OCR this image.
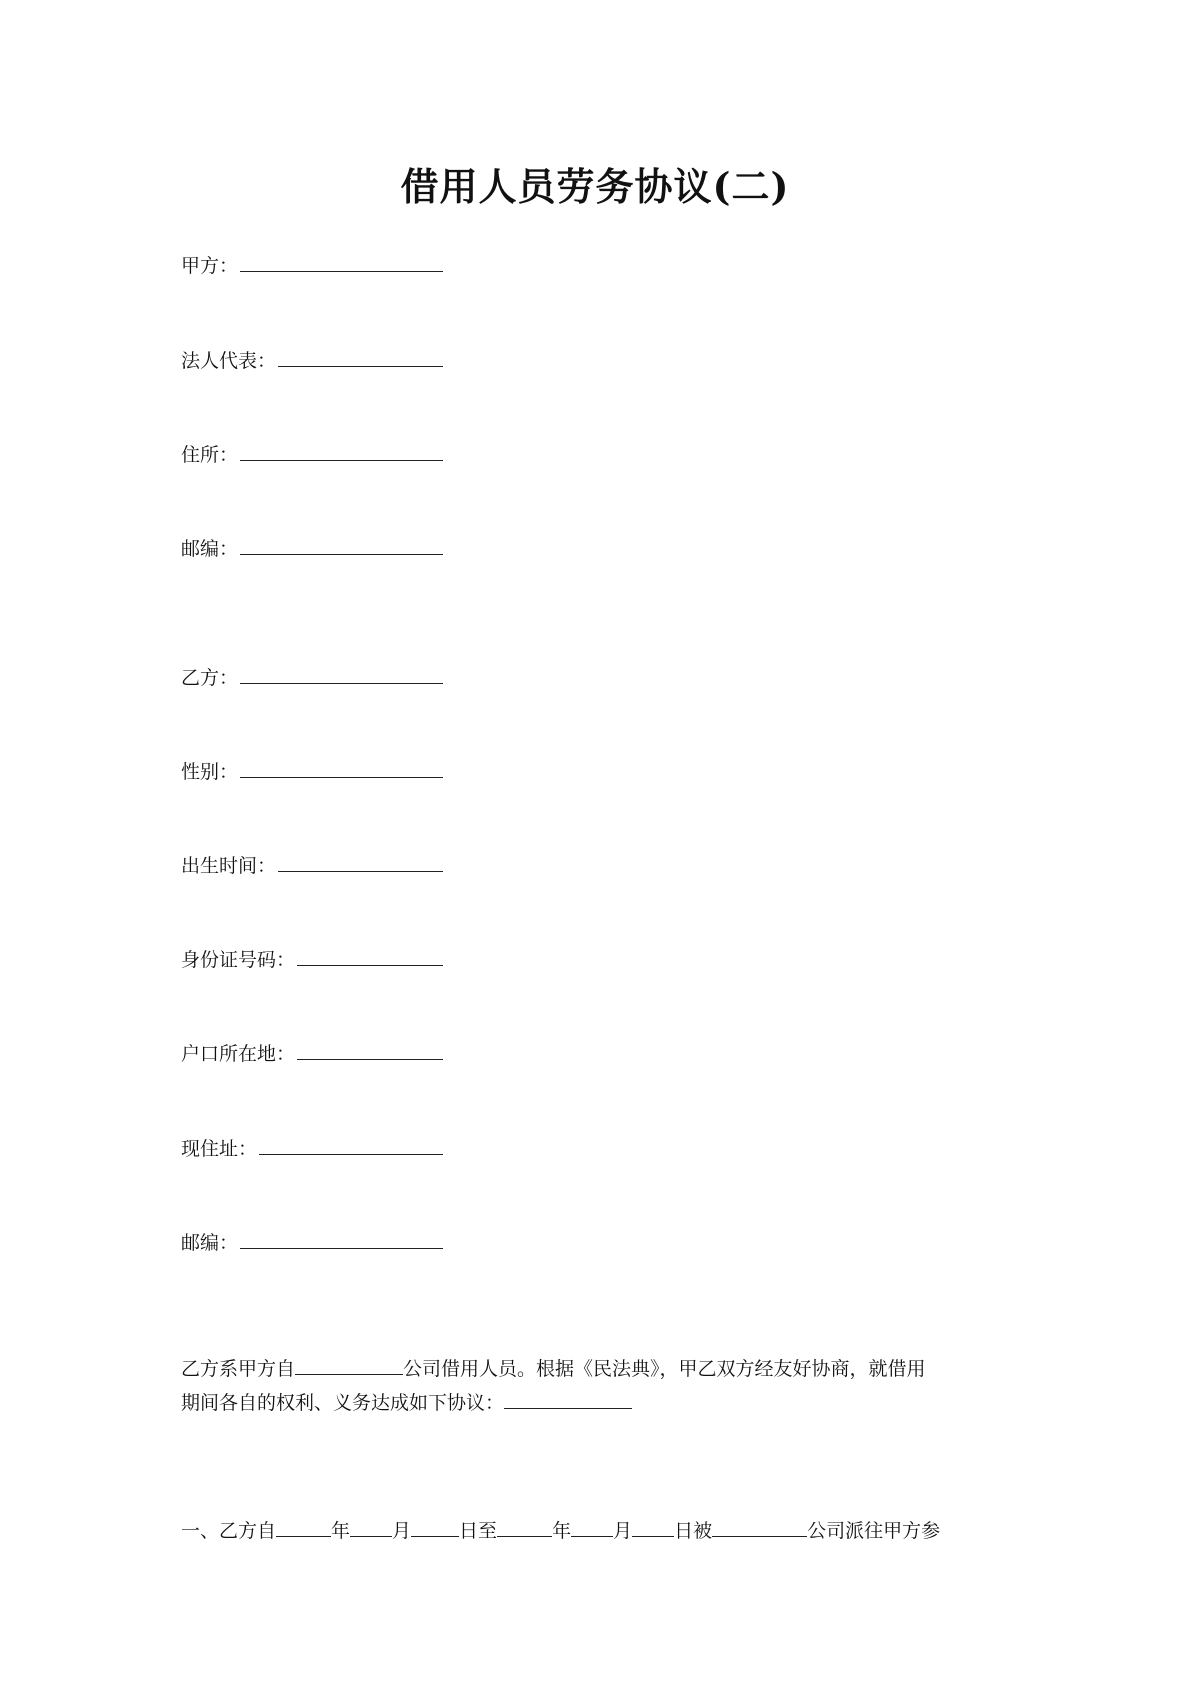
借用人员劳务协议(二)
甲方：
法人代表：
住所：
邮编：
乙方：
性别：
出生时间：
身份证号码：
户口所在地：
现住址：
邮编：
乙方系甲方自	公司借用人员。根据《民法典》，甲乙双方经友好协商，就借用
期间各自的权利、义务达成如下协议：
一、乙方自	年 月	日至	年 月 日被	公司派往甲方参
